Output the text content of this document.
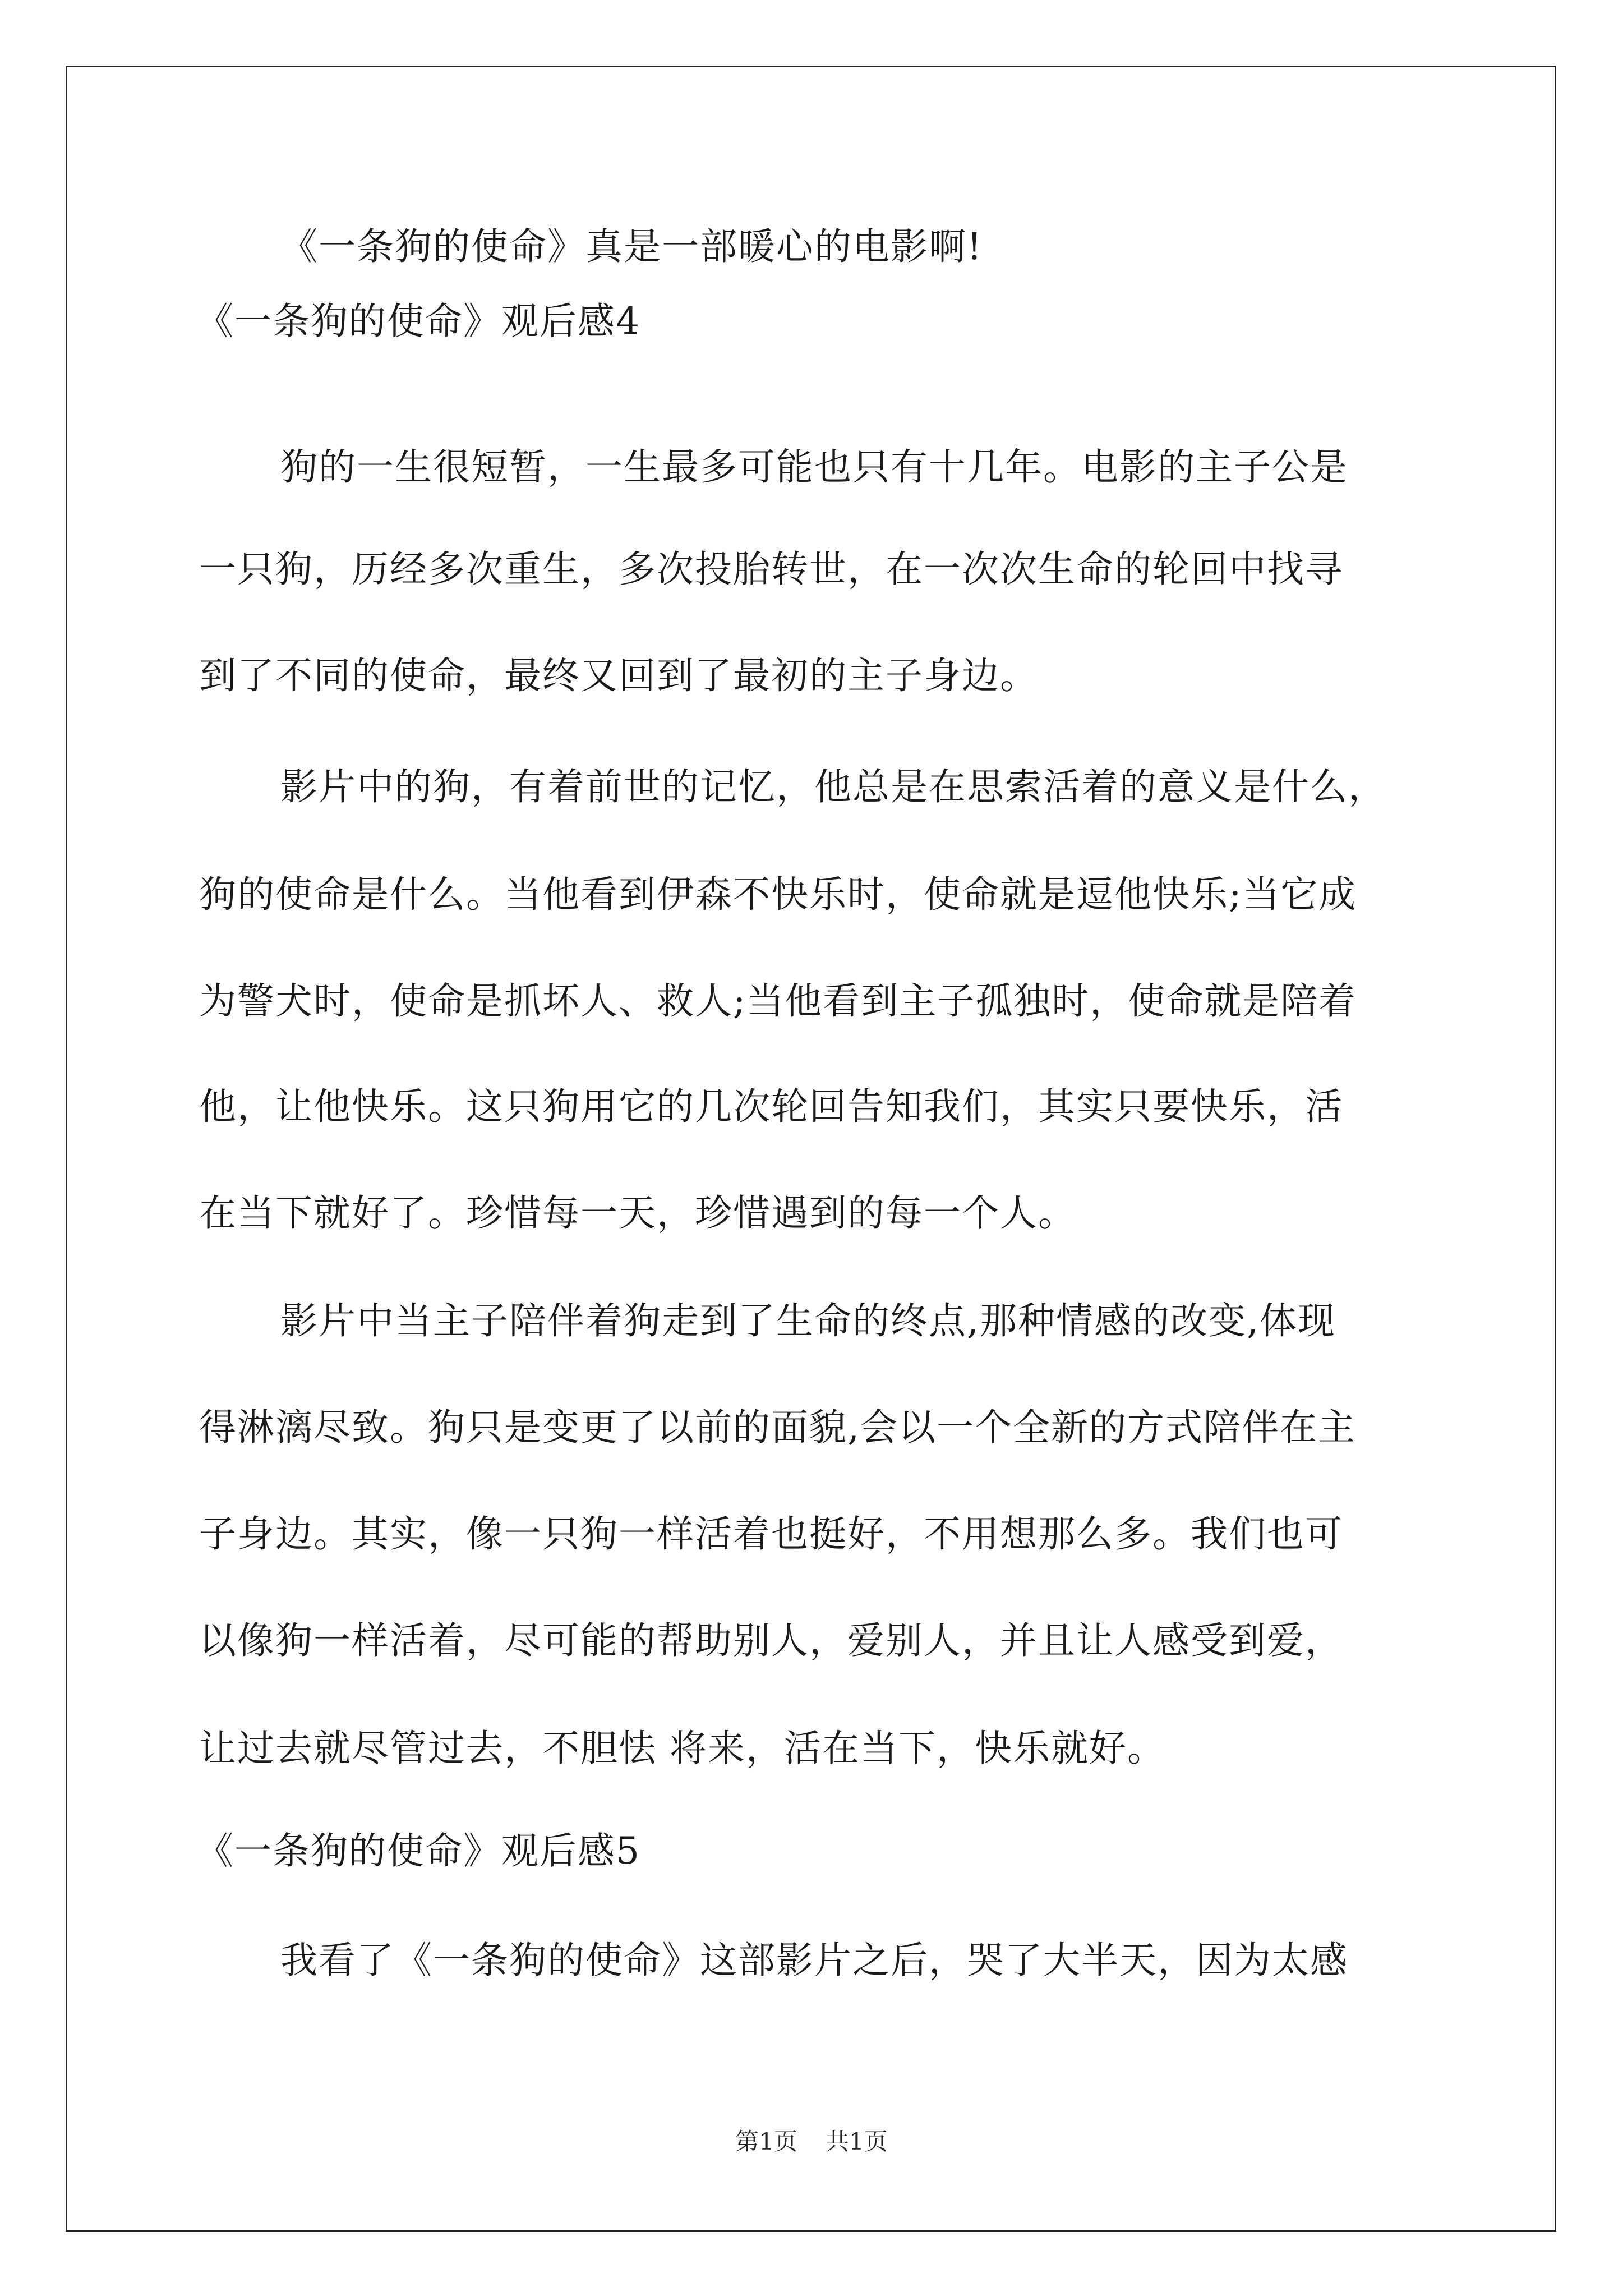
《一条狗的使命》真是一部暖心的电影啊!
《一条狗的使命》观后感4
狗的一生很短暂，一生最多可能也只有十几年。电影的主子公是
一只狗，历经多次重生，多次投胎转世，在一次次生命的轮回中找寻
到了不同的使命，最终又回到了最初的主子身边。
影片中的狗，有着前世的记忆，他总是在思索活着的意义是什么，
狗的使命是什么。当他看到伊森不快乐时，使命就是逗他快乐;当它成
为警犬时，使命是抓坏人、救人;当他看到主子孤独时，使命就是陪着
他，让他快乐。这只狗用它的几次轮回告知我们，其实只要快乐，活
在当下就好了。珍惜每一天，珍惜遇到的每一个人。
影片中当主子陪伴着狗走到了生命的终点,那种情感的改变,体现
得淋漓尽致。狗只是变更了以前的面貌,会以一个全新的方式陪伴在主
子身边。其实，像一只狗一样活着也挺好，不用想那么多。我们也可
以像狗一样活着，尽可能的帮助别人，爱别人，并且让人感受到爱，
让过去就尽管过去，不胆怯 将来，活在当下，快乐就好。
《一条狗的使命》观后感5
我看了《一条狗的使命》这部影片之后，哭了大半天，因为太感
第1页 共1页
